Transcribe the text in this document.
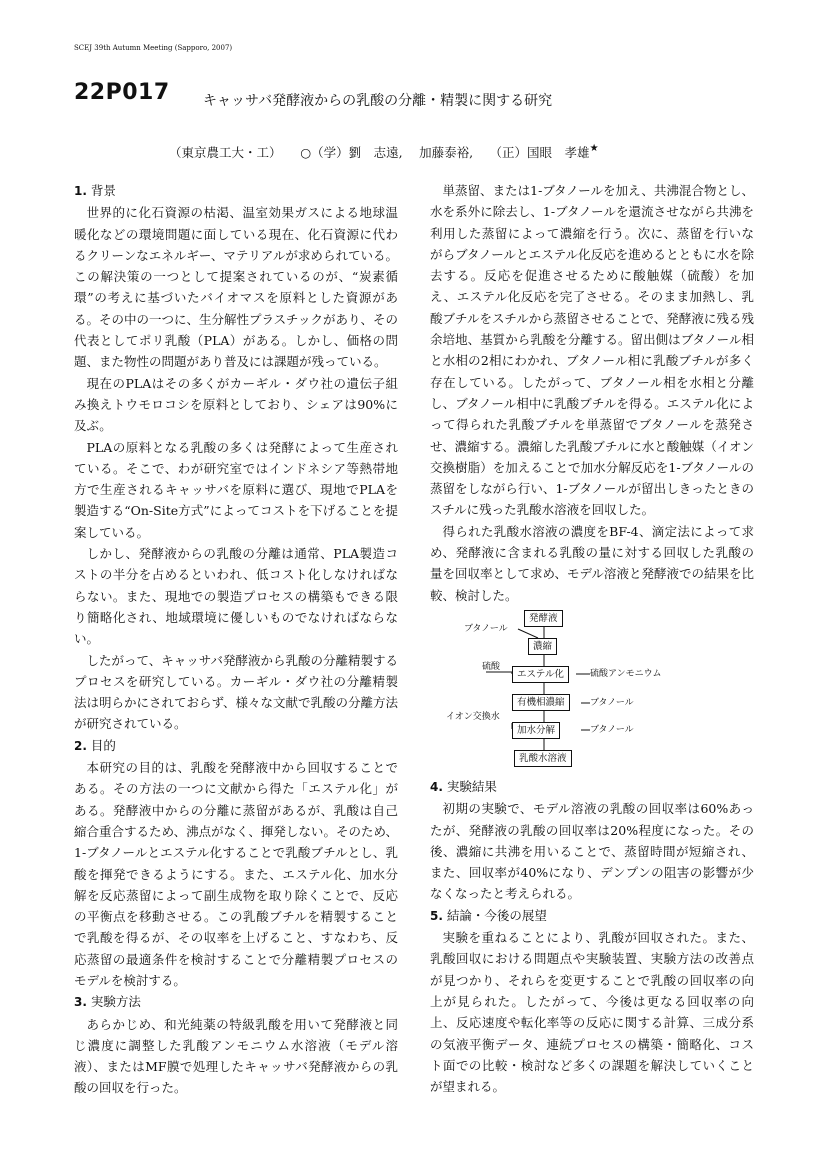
SCEJ 39th Autumn Meeting (Sapporo, 2007)
22P017 キャッサバ発酵液からの乳酸の分離・精製に関する研究
（東京農工大・工）　　○（学）劉　志遠,　 加藤泰裕,　 （正）国眼　孝雄★
1. 背景

世界的に化石資源の枯渇、温室効果ガスによる地球温暖化などの環境問題に面している現在、化石資源に代わるクリーンなエネルギー、マテリアルが求められている。この解決策の一つとして提案されているのが、“炭素循環”の考えに基づいたバイオマスを原料とした資源がある。その中の一つに、生分解性プラスチックがあり、その代表としてポリ乳酸（PLA）がある。しかし、価格の問題、また物性の問題があり普及には課題が残っている。

現在のPLAはその多くがカーギル・ダウ社の遺伝子組み換えトウモロコシを原料としており、シェアは90%に及ぶ。

PLAの原料となる乳酸の多くは発酵によって生産されている。そこで、わが研究室ではインドネシア等熱帯地方で生産されるキャッサバを原料に選び、現地でPLAを製造する“On-Site方式”によってコストを下げることを提案している。

しかし、発酵液からの乳酸の分離は通常、PLA製造コストの半分を占めるといわれ、低コスト化しなければならない。また、現地での製造プロセスの構築もできる限り簡略化され、地域環境に優しいものでなければならない。

したがって、キャッサバ発酵液から乳酸の分離精製するプロセスを研究している。カーギル・ダウ社の分離精製法は明らかにされておらず、様々な文献で乳酸の分離方法が研究されている。

2. 目的

本研究の目的は、乳酸を発酵液中から回収することである。その方法の一つに文献から得た「エステル化」がある。発酵液中からの分離に蒸留があるが、乳酸は自己縮合重合するため、沸点がなく、揮発しない。そのため、1-ブタノールとエステル化することで乳酸ブチルとし、乳酸を揮発できるようにする。また、エステル化、加水分解を反応蒸留によって副生成物を取り除くことで、反応の平衡点を移動させる。この乳酸ブチルを精製することで乳酸を得るが、その収率を上げること、すなわち、反応蒸留の最適条件を検討することで分離精製プロセスのモデルを検討する。

3. 実験方法

あらかじめ、和光純薬の特級乳酸を用いて発酵液と同じ濃度に調整した乳酸アンモニウム水溶液（モデル溶液）、またはMF膜で処理したキャッサバ発酵液からの乳酸の回収を行った。

単蒸留、または1-ブタノールを加え、共沸混合物とし、水を系外に除去し、1-ブタノールを還流させながら共沸を利用した蒸留によって濃縮を行う。次に、蒸留を行いながらブタノールとエステル化反応を進めるとともに水を除去する。反応を促進させるために酸触媒（硫酸）を加え、エステル化反応を完了させる。そのまま加熱し、乳酸ブチルをスチルから蒸留させることで、発酵液に残る残余培地、基質から乳酸を分離する。留出側はブタノール相と水相の2相にわかれ、ブタノール相に乳酸ブチルが多く存在している。したがって、ブタノール相を水相と分離し、ブタノール相中に乳酸ブチルを得る。エステル化によって得られた乳酸ブチルを単蒸留でブタノールを蒸発させ、濃縮する。濃縮した乳酸ブチルに水と酸触媒（イオン交換樹脂）を加えることで加水分解反応を1-ブタノールの蒸留をしながら行い、1-ブタノールが留出しきったときのスチルに残った乳酸水溶液を回収した。

得られた乳酸水溶液の濃度をBF-4、滴定法によって求め、発酵液に含まれる乳酸の量に対する回収した乳酸の量を回収率として求め、モデル溶液と発酵液での結果を比較、検討した。

発酵液
ブタノール
濃縮
硫酸
エステル化	硫酸アンモニウム
有機相濃縮	ブタノール
イオン交換水
加水分解	ブタノール
乳酸水溶液
4. 実験結果

初期の実験で、モデル溶液の乳酸の回収率は60%あったが、発酵液の乳酸の回収率は20%程度になった。その後、濃縮に共沸を用いることで、蒸留時間が短縮され、また、回収率が40%になり、デンプンの阻害の影響が少なくなったと考えられる。

5. 結論・今後の展望

実験を重ねることにより、乳酸が回収された。また、乳酸回収における問題点や実験装置、実験方法の改善点が見つかり、それらを変更することで乳酸の回収率の向上が見られた。したがって、今後は更なる回収率の向上、反応速度や転化率等の反応に関する計算、三成分系の気液平衡データ、連続プロセスの構築・簡略化、コスト面での比較・検討など多くの課題を解決していくことが望まれる。
